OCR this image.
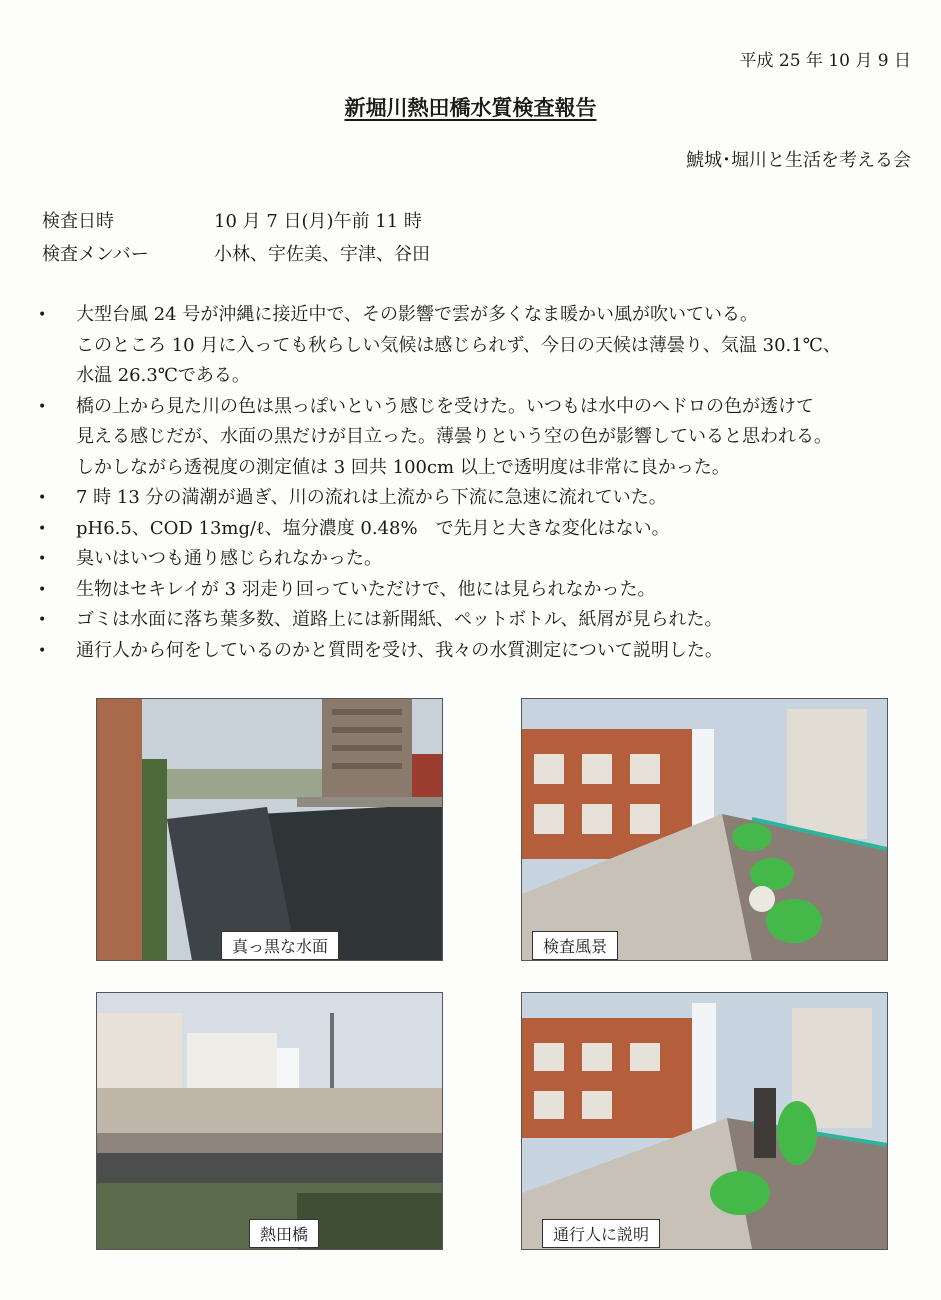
平成 25 年 10 月 9 日
新堀川熱田橋水質検査報告
鯱城･堀川と生活を考える会
検査日時	10 月 7 日(月)午前 11 時
検査メンバー	小林、宇佐美、宇津、谷田
• 大型台風 24 号が沖縄に接近中で、その影響で雲が多くなま暖かい風が吹いている。
このところ 10 月に入っても秋らしい気候は感じられず、今日の天候は薄曇り、気温 30.1℃、
水温 26.3℃である。
• 橋の上から見た川の色は黒っぽいという感じを受けた。いつもは水中のヘドロの色が透けて
見える感じだが、水面の黒だけが目立った。薄曇りという空の色が影響していると思われる。
しかしながら透視度の測定値は 3 回共 100cm 以上で透明度は非常に良かった。
• 7 時 13 分の満潮が過ぎ、川の流れは上流から下流に急速に流れていた。
• pH6.5、COD 13mg/ℓ、塩分濃度 0.48%　で先月と大きな変化はない。
• 臭いはいつも通り感じられなかった。
• 生物はセキレイが 3 羽走り回っていただけで、他には見られなかった。
• ゴミは水面に落ち葉多数、道路上には新聞紙、ペットボトル、紙屑が見られた。
• 通行人から何をしているのかと質問を受け、我々の水質測定について説明した。
真っ黒な水面	検査風景
熱田橋	通行人に説明
